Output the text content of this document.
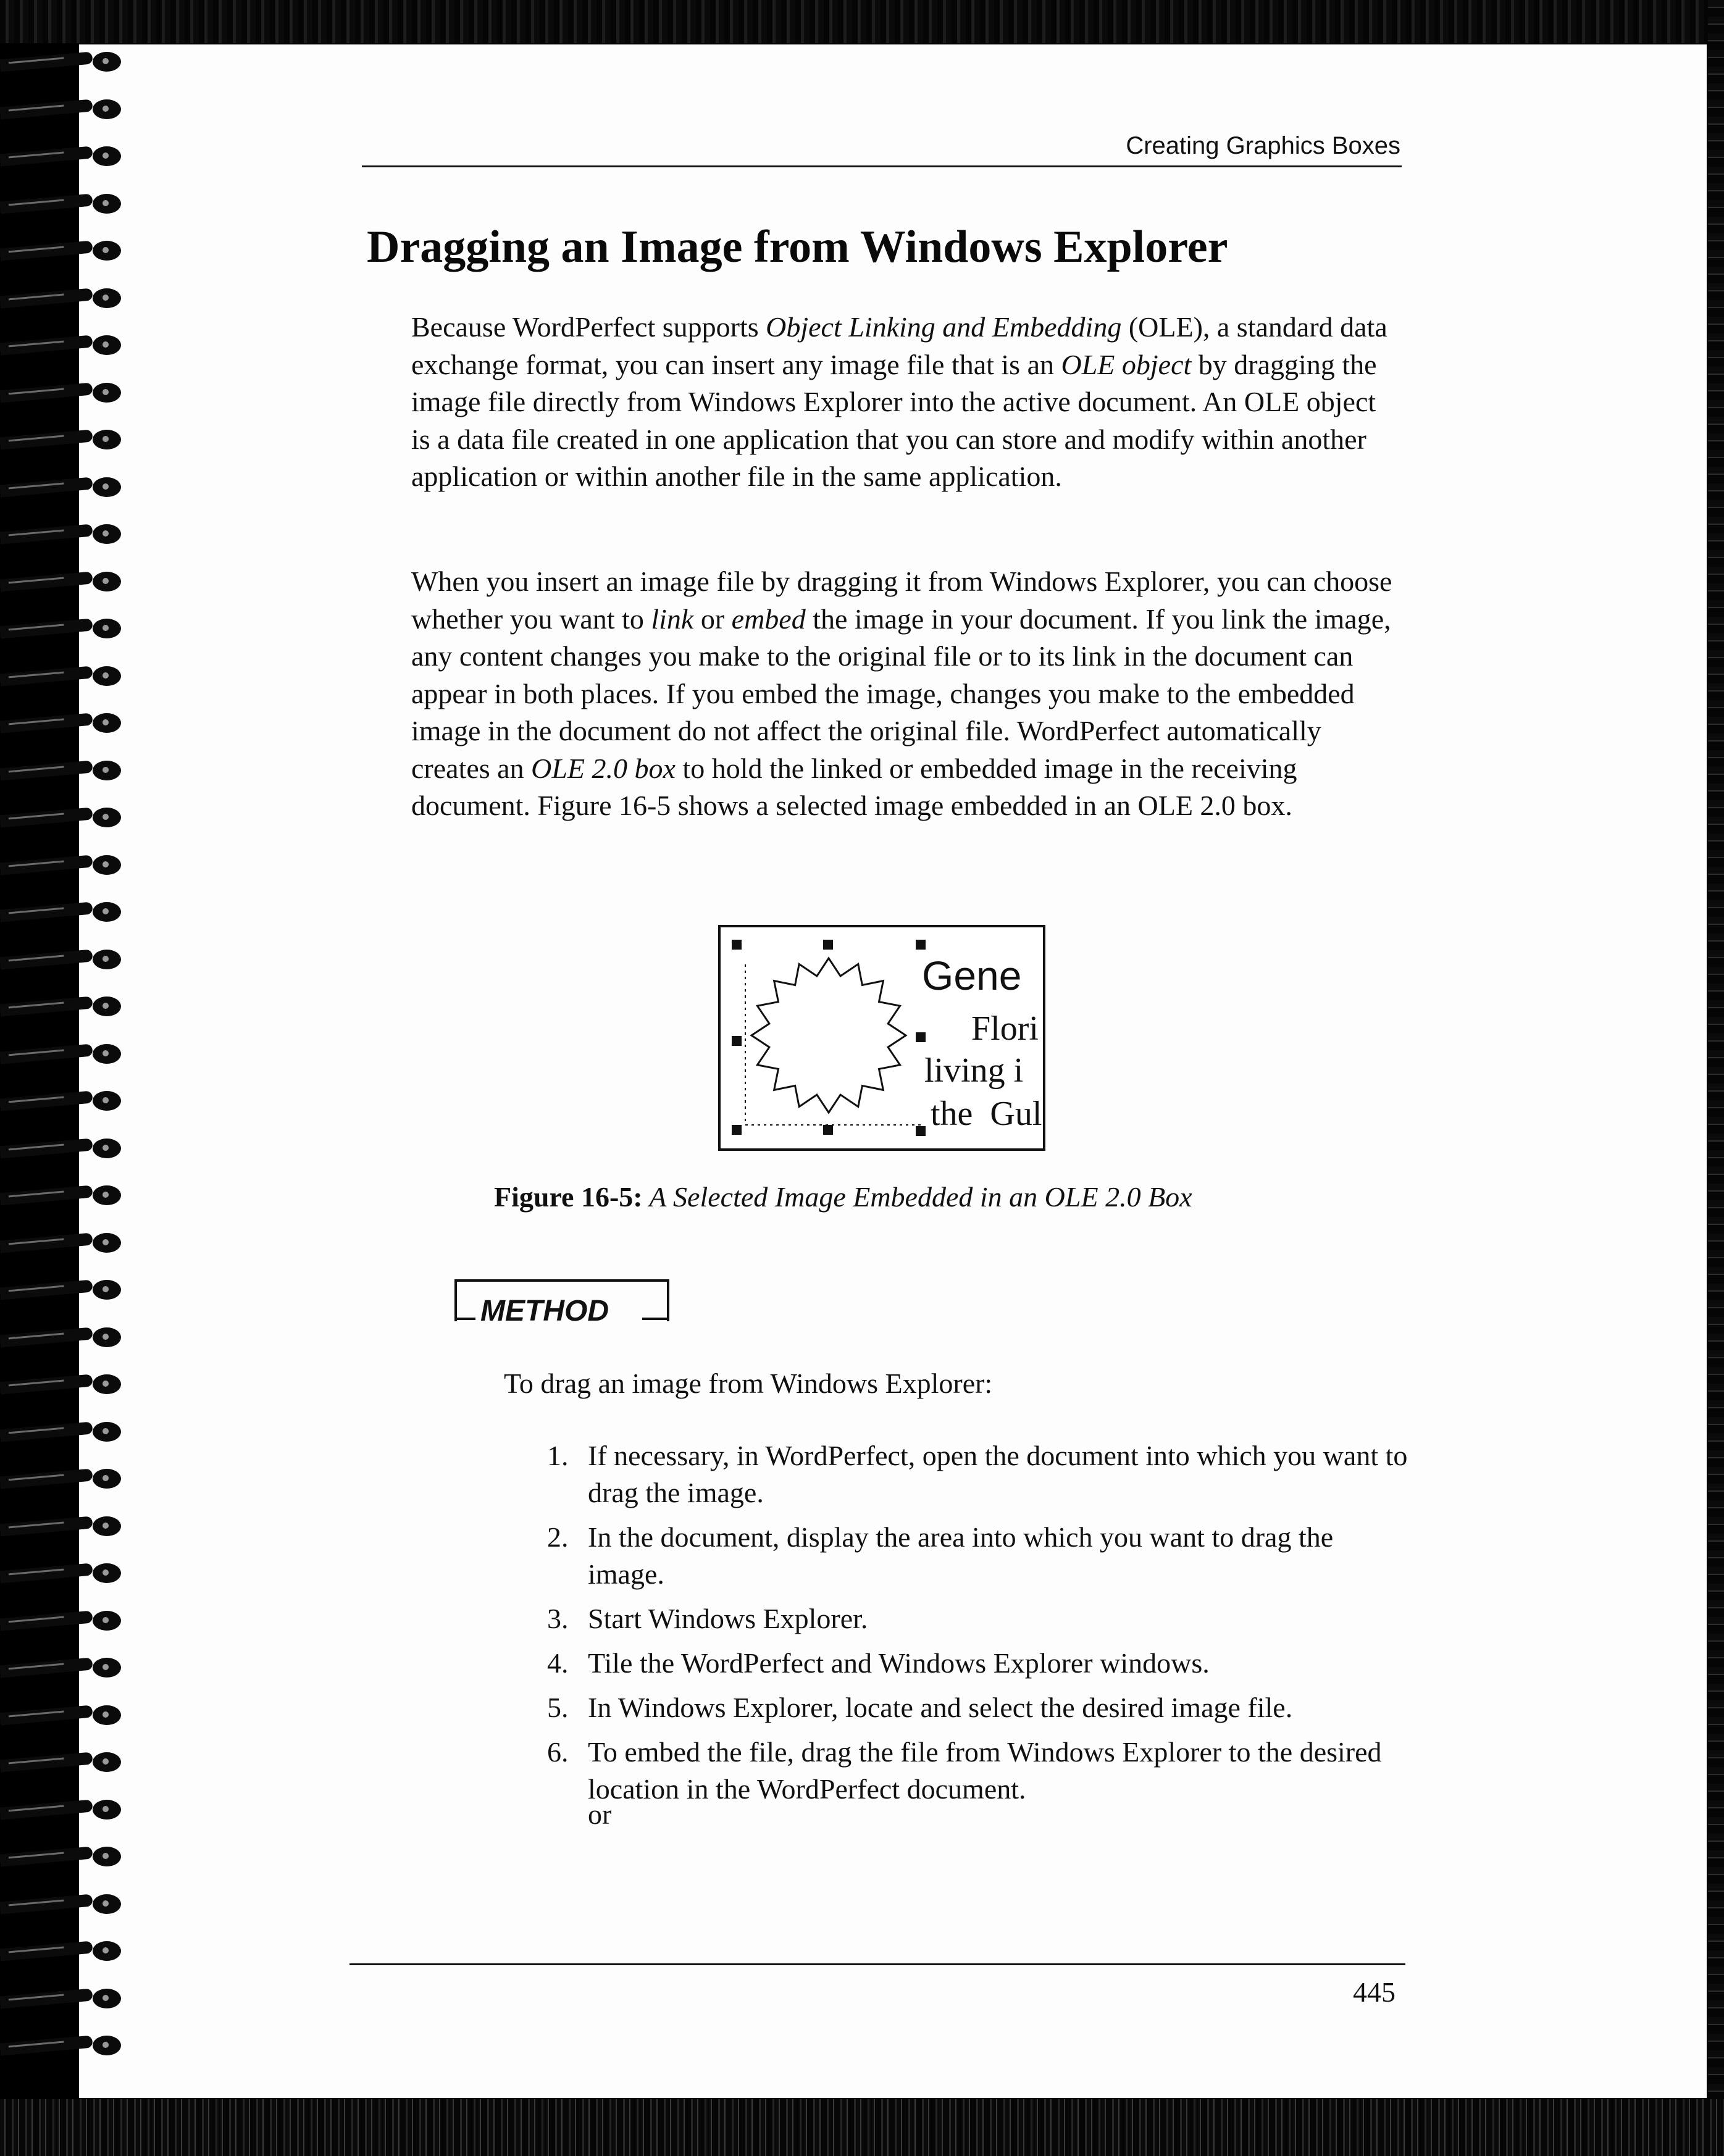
Creating Graphics Boxes
Dragging an Image from Windows Explorer

Because WordPerfect supports Object Linking and Embedding (OLE), a standard data exchange format, you can insert any image file that is an OLE object by dragging the image file directly from Windows Explorer into the active document. An OLE object is a data file created in one application that you can store and modify within another application or within another file in the same application.

When you insert an image file by dragging it from Windows Explorer, you can choose whether you want to link or embed the image in your document. If you link the image, any content changes you make to the original file or to its link in the document can appear in both places. If you embed the image, changes you make to the embedded image in the document do not affect the original file. WordPerfect automatically creates an OLE 2.0 box to hold the linked or embedded image in the receiving document. Figure 16-5 shows a selected image embedded in an OLE 2.0 box.

Gene
Flori
living i
the Gul
Figure 16-5: A Selected Image Embedded in an OLE 2.0 Box
METHOD
To drag an image from Windows Explorer:
1. If necessary, in WordPerfect, open the document into which you want to drag the image.
2. In the document, display the area into which you want to drag the image.
3. Start Windows Explorer.
4. Tile the WordPerfect and Windows Explorer windows.
5. In Windows Explorer, locate and select the desired image file.
6. To embed the file, drag the file from Windows Explorer to the desired location in the WordPerfect document.
or
445
